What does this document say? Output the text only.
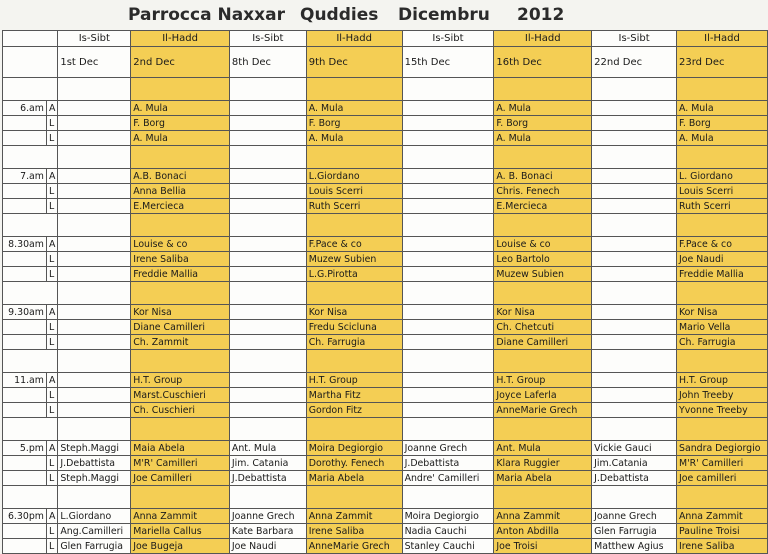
Parrocca Naxxar Quddies Dicembru 2012
		Is-Sibt	Il-Hadd	Is-Sibt	Il-Hadd	Is-Sibt	Il-Hadd	Is-Sibt	Il-Hadd
		1st Dec	2nd Dec	8th Dec	9th Dec	15th Dec	16th Dec	22nd Dec	23rd Dec

6.am	A		A. Mula		A. Mula		A. Mula		A. Mula
	L		F. Borg		F. Borg		F. Borg		F. Borg
	L		A. Mula		A. Mula		A. Mula		A. Mula

7.am	A		A.B. Bonaci		L.Giordano		A. B. Bonaci		L. Giordano
	L		Anna Bellia		Louis Scerri		Chris. Fenech		Louis Scerri
	L		E.Mercieca		Ruth Scerri		E.Mercieca		Ruth Scerri

8.30am	A		Louise & co		F.Pace & co		Louise & co		F.Pace & co
	L		Irene Saliba		Muzew Subien		Leo Bartolo		Joe Naudi
	L		Freddie Mallia		L.G.Pirotta		Muzew Subien		Freddie Mallia

9.30am	A		Kor Nisa		Kor Nisa		Kor Nisa		Kor Nisa
	L		Diane Camilleri		Fredu Scicluna		Ch. Chetcuti		Mario Vella
	L		Ch. Zammit		Ch. Farrugia		Diane Camilleri		Ch. Farrugia

11.am	A		H.T. Group		H.T. Group		H.T. Group		H.T. Group
	L		Marst.Cuschieri		Martha Fitz		Joyce Laferla		John Treeby
	L		Ch. Cuschieri		Gordon Fitz		AnneMarie Grech		Yvonne Treeby

5.pm	A	Steph.Maggi	Maia Abela	Ant. Mula	Moira Degiorgio	Joanne Grech	Ant. Mula	Vickie Gauci	Sandra Degiorgio
	L	J.Debattista	M'R' Camilleri	Jim. Catania	Dorothy. Fenech	J.Debattista	Klara Ruggier	Jim.Catania	M'R' Camilleri
	L	Steph.Maggi	Joe Camilleri	J.Debattista	Maria Abela	Andre' Camilleri	Maria Abela	J.Debattista	Joe camilleri

6.30pm	A	L.Giordano	Anna Zammit	Joanne Grech	Anna Zammit	Moira Degiorgio	Anna Zammit	Joanne Grech	Anna Zammit
	L	Ang.Camilleri	Mariella Callus	Kate Barbara	Irene Saliba	Nadia Cauchi	Anton Abdilla	Glen Farrugia	Pauline Troisi
	L	Glen Farrugia	Joe Bugeja	Joe Naudi	AnneMarie Grech	Stanley Cauchi	Joe Troisi	Matthew Agius	Irene Saliba
